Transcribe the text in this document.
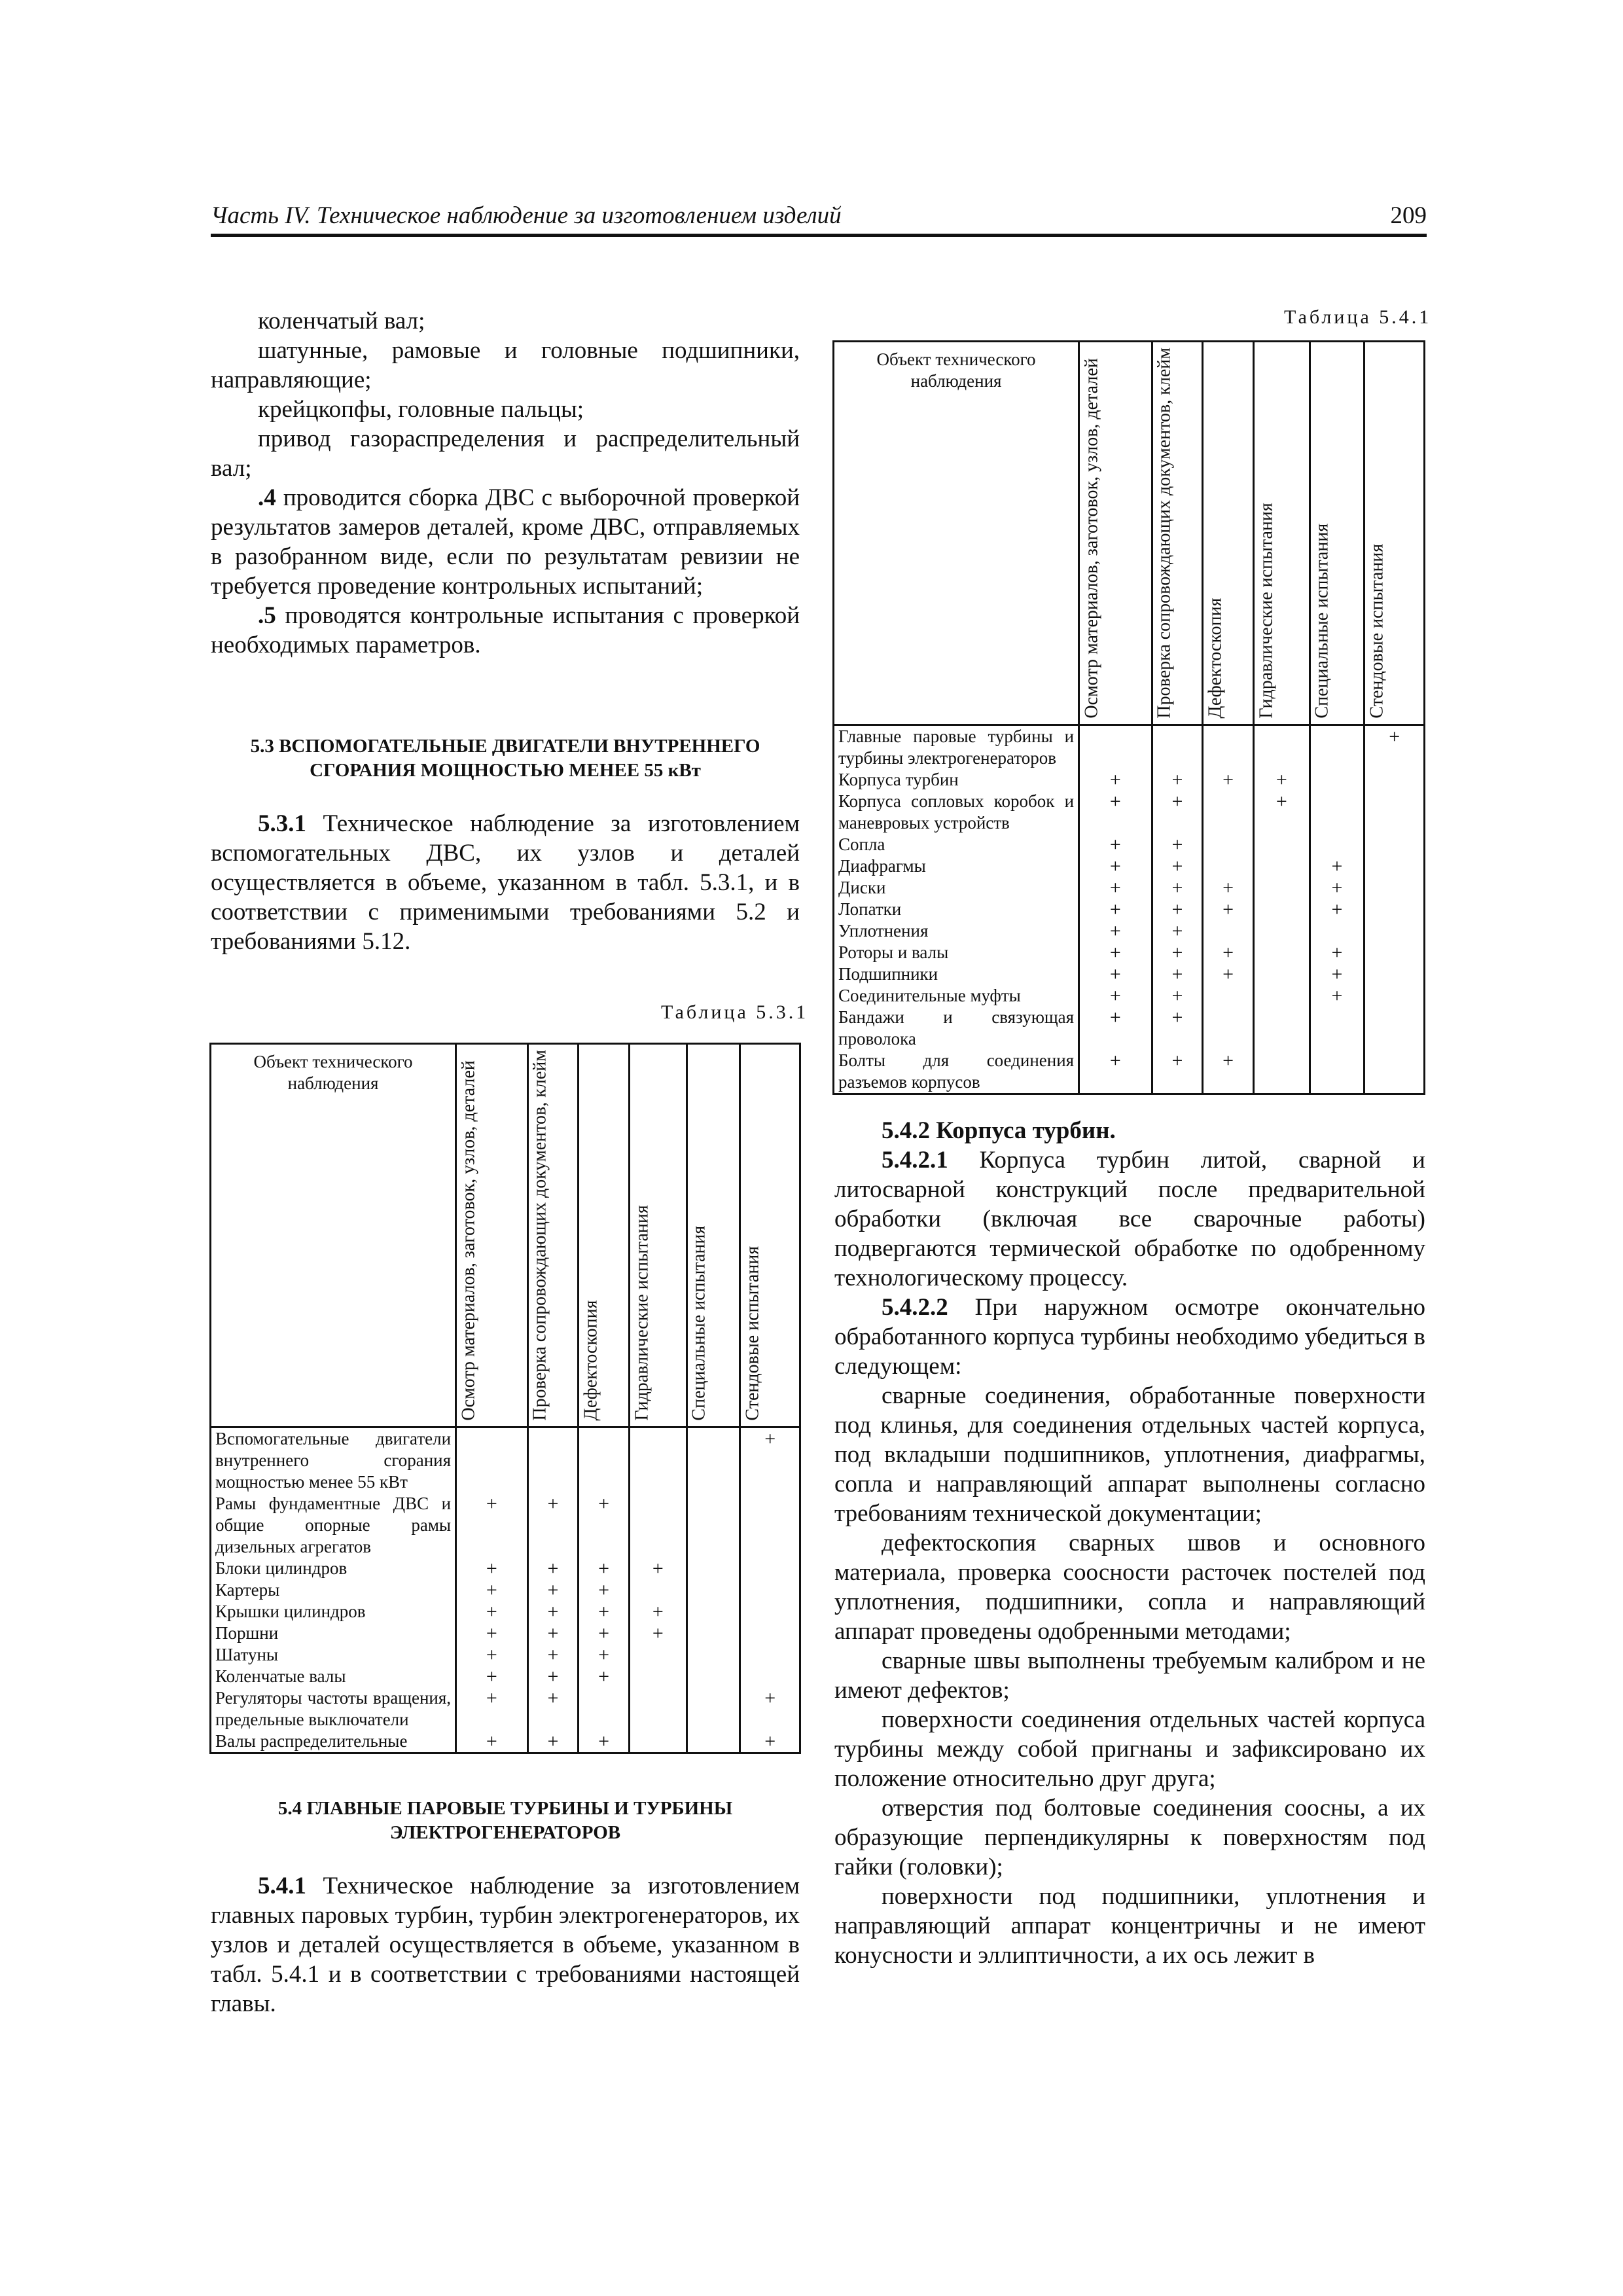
Часть IV. Техническое наблюдение за изготовлением изделий	209

коленчатый вал;

шатунные, рамовые и головные подшипники, направляющие;

крейцкопфы, головные пальцы;

привод газораспределения и распределительный вал;

.4 проводится сборка ДВС с выборочной проверкой результатов замеров деталей, кроме ДВС, отправляемых в разобранном виде, если по результатам ревизии не требуется проведение контрольных испытаний;

.5 проводятся контрольные испытания с проверкой необходимых параметров.

5.3 ВСПОМОГАТЕЛЬНЫЕ ДВИГАТЕЛИ ВНУТРЕННЕГО СГОРАНИЯ МОЩНОСТЬЮ МЕНЕЕ 55 кВт

5.3.1 Техническое наблюдение за изготовлением вспомогательных ДВС, их узлов и деталей осуществляется в объеме, указанном в табл. 5.3.1, и в соответствии с применимыми требованиями 5.2 и требованиями 5.12.

Таблица 5.3.1
Объект технического наблюдения	Осмотр материалов, заготовок, узлов, деталей	Проверка сопровождающих документов, клейм	Дефектоскопия	Гидравлические испытания	Специальные испытания	Стендовые испытания
Вспомогательные двигатели внутреннего сгорания мощностью менее 55 кВт						+
Рамы фундаментные ДВС и общие опорные рамы дизельных агрегатов	+	+	+			
Блоки цилиндров	+	+	+	+		
Картеры	+	+	+			
Крышки цилиндров	+	+	+	+		
Поршни	+	+	+	+		
Шатуны	+	+	+			
Коленчатые валы	+	+	+			
Регуляторы частоты вращения, предельные выключатели	+	+				+
Валы распределительные	+	+	+			+

5.4 ГЛАВНЫЕ ПАРОВЫЕ ТУРБИНЫ И ТУРБИНЫ ЭЛЕКТРОГЕНЕРАТОРОВ

5.4.1 Техническое наблюдение за изготовлением главных паровых турбин, турбин электрогенераторов, их узлов и деталей осуществляется в объеме, указанном в табл. 5.4.1 и в соответствии с требованиями настоящей главы.

Таблица 5.4.1
Объект технического наблюдения	Осмотр материалов, заготовок, узлов, деталей	Проверка сопровождающих документов, клейм	Дефектоскопия	Гидравлические испытания	Специальные испытания	Стендовые испытания
Главные паровые турбины и турбины электрогенераторов						+
Корпуса турбин	+	+	+	+		
Корпуса сопловых коробок и маневровых устройств	+	+		+		
Сопла	+	+				
Диафрагмы	+	+			+	
Диски	+	+	+		+	
Лопатки	+	+	+		+	
Уплотнения	+	+				
Роторы и валы	+	+	+		+	
Подшипники	+	+	+		+	
Соединительные муфты	+	+			+	
Бандажи и связующая проволока	+	+				
Болты для соединения разъемов корпусов	+	+	+			

5.4.2 Корпуса турбин.

5.4.2.1 Корпуса турбин литой, сварной и литосварной конструкций после предварительной обработки (включая все сварочные работы) подвергаются термической обработке по одобренному технологическому процессу.

5.4.2.2 При наружном осмотре окончательно обработанного корпуса турбины необходимо убедиться в следующем:

сварные соединения, обработанные поверхности под клинья, для соединения отдельных частей корпуса, под вкладыши подшипников, уплотнения, диафрагмы, сопла и направляющий аппарат выполнены согласно требованиям технической документации;

дефектоскопия сварных швов и основного материала, проверка соосности расточек постелей под уплотнения, подшипники, сопла и направляющий аппарат проведены одобренными методами;

сварные швы выполнены требуемым калибром и не имеют дефектов;

поверхности соединения отдельных частей корпуса турбины между собой пригнаны и зафиксировано их положение относительно друг друга;

отверстия под болтовые соединения соосны, а их образующие перпендикулярны к поверхностям под гайки (головки);

поверхности под подшипники, уплотнения и направляющий аппарат концентричны и не имеют конусности и эллиптичности, а их ось лежит в
